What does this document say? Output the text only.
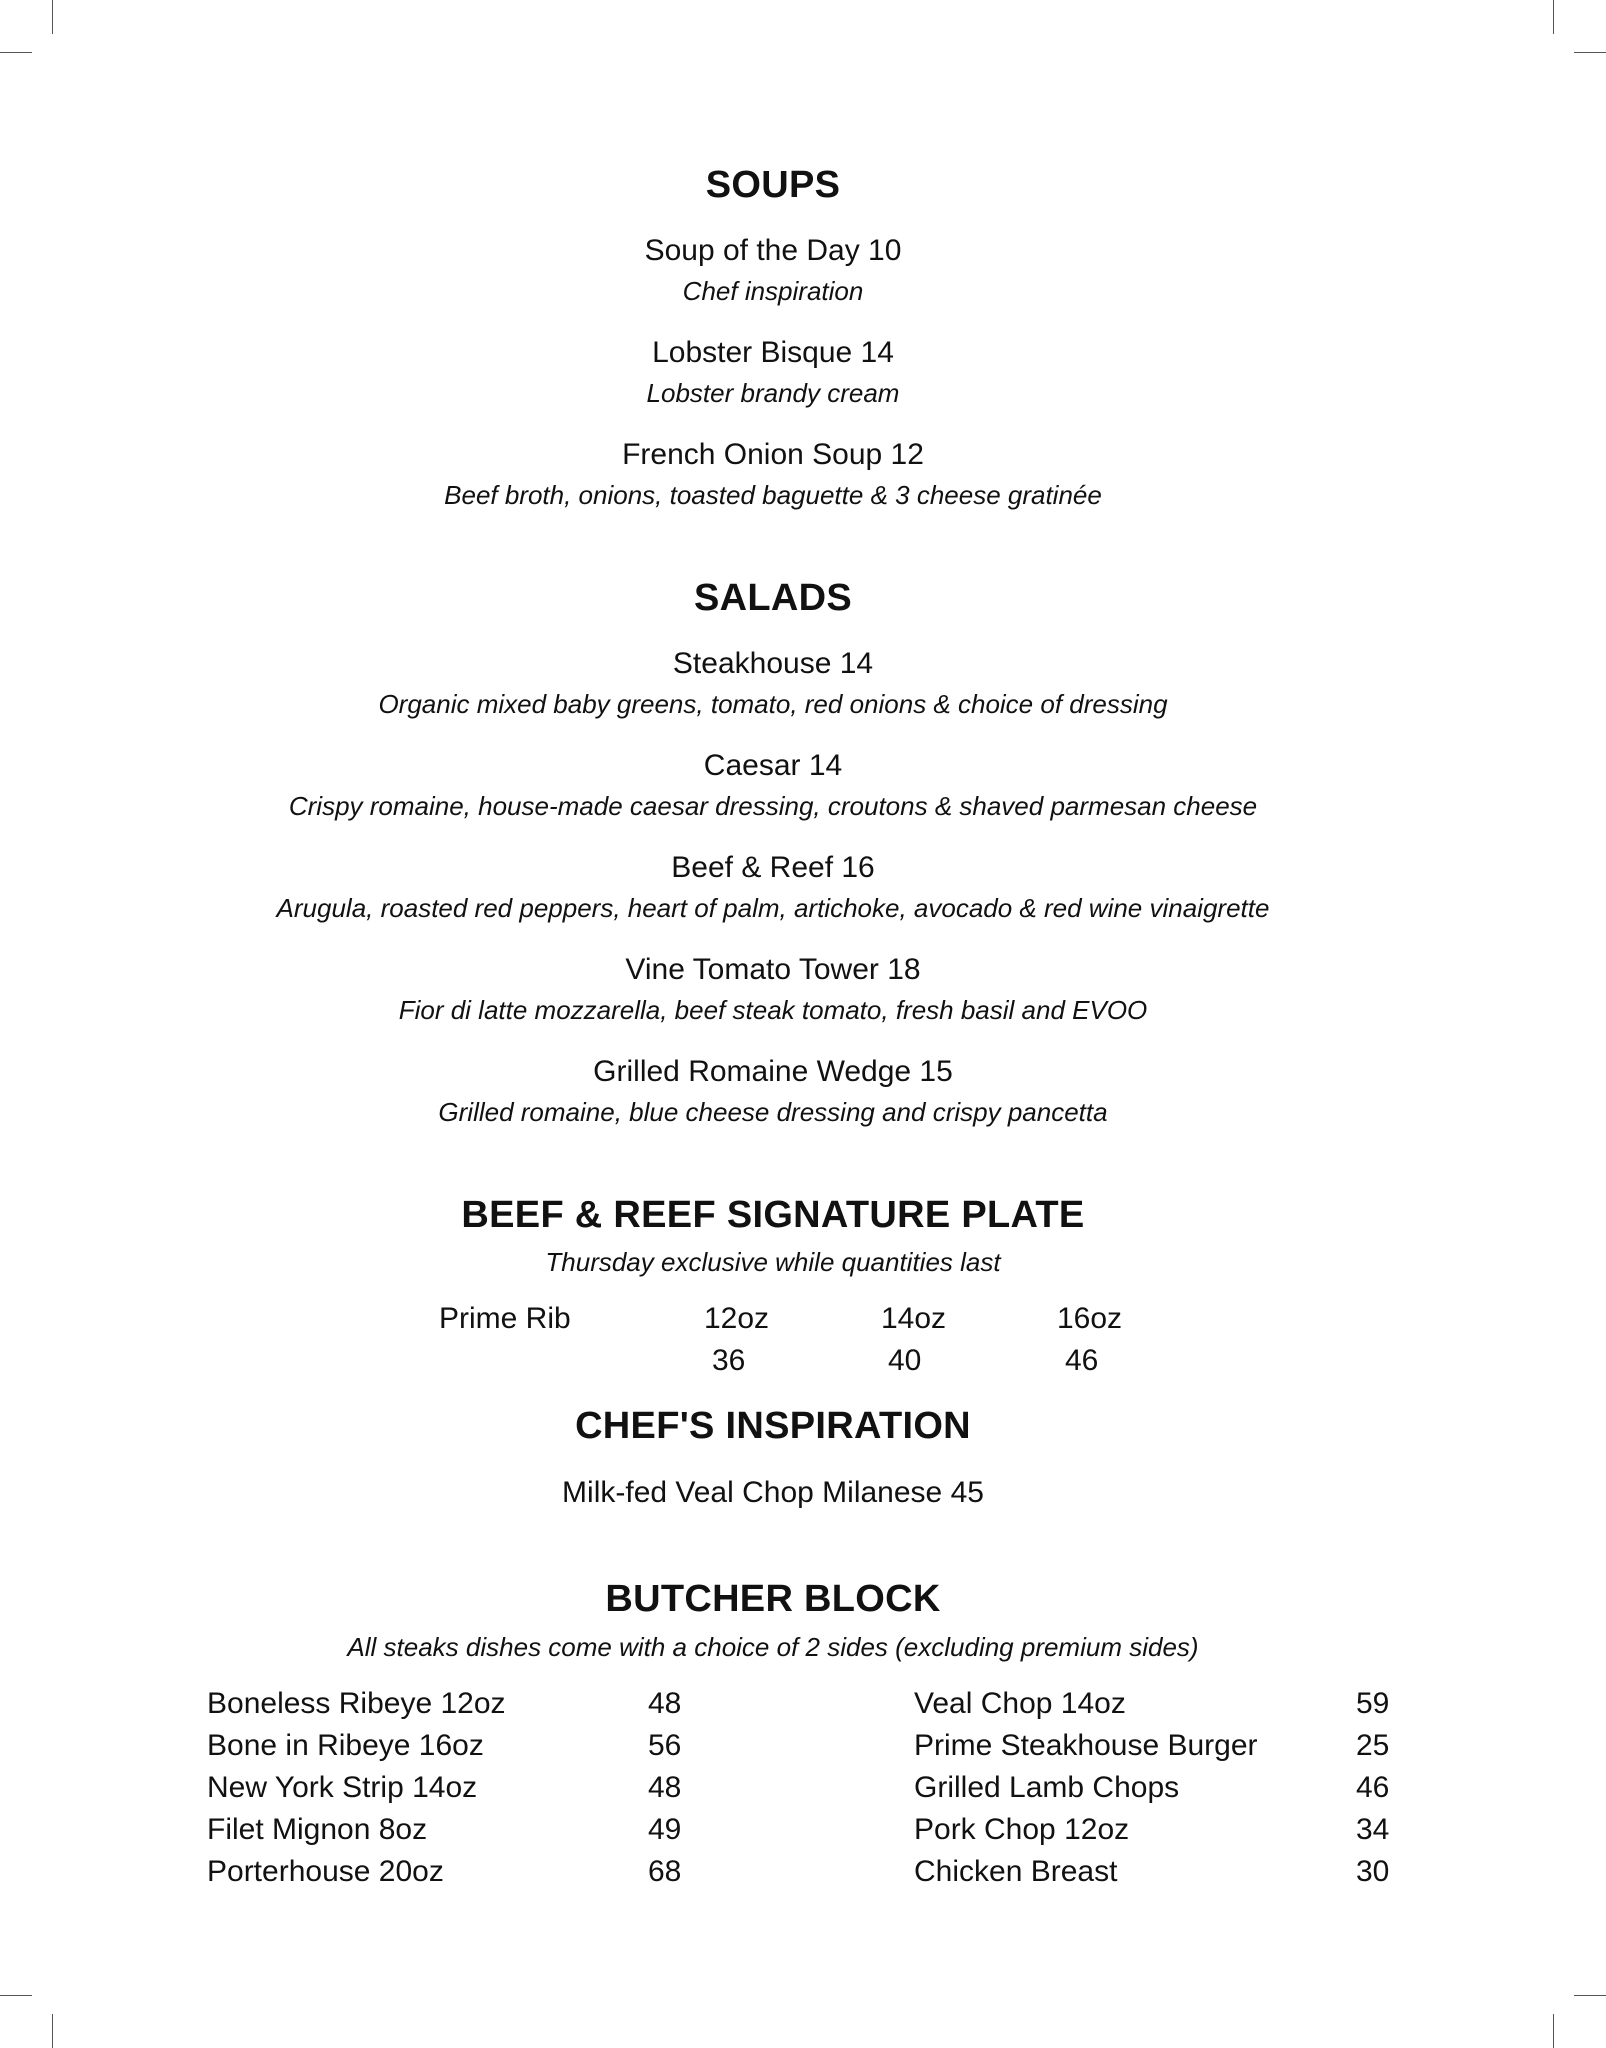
SOUPS
Soup of the Day 10
Chef inspiration
Lobster Bisque 14
Lobster brandy cream
French Onion Soup 12
Beef broth, onions, toasted baguette & 3 cheese gratinée
SALADS
Steakhouse 14
Organic mixed baby greens, tomato, red onions & choice of dressing
Caesar 14
Crispy romaine, house-made caesar dressing, croutons & shaved parmesan cheese
Beef & Reef 16
Arugula, roasted red peppers, heart of palm, artichoke, avocado & red wine vinaigrette
Vine Tomato Tower 18
Fior di latte mozzarella, beef steak tomato, fresh basil and EVOO
Grilled Romaine Wedge 15
Grilled romaine, blue cheese dressing and crispy pancetta
BEEF & REEF SIGNATURE PLATE
Thursday exclusive while quantities last
Prime Rib	12oz	14oz	16oz
36	40	46
CHEF'S INSPIRATION
Milk-fed Veal Chop Milanese 45
BUTCHER BLOCK
All steaks dishes come with a choice of 2 sides (excluding premium sides)
Boneless Ribeye 12oz	48
Bone in Ribeye 16oz	56
New York Strip 14oz	48
Filet Mignon 8oz	49
Porterhouse 20oz	68
Veal Chop 14oz	59
Prime Steakhouse Burger	25
Grilled Lamb Chops	46
Pork Chop 12oz	34
Chicken Breast	30
